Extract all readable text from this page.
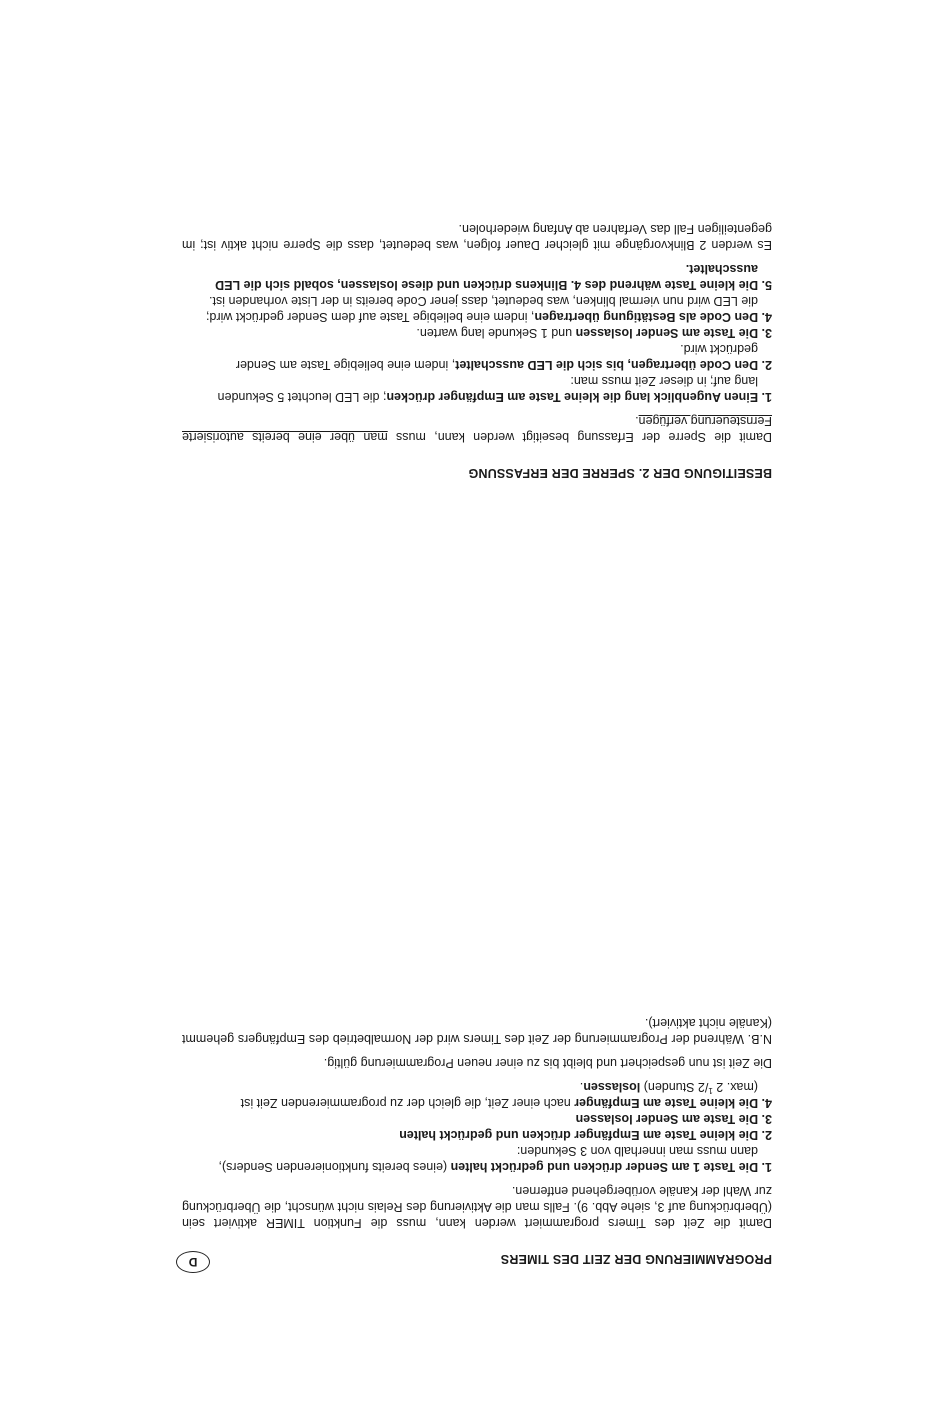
PROGRAMMIERUNG DER ZEIT DES TIMERS
D

Damit die Zeit des Timers programmiert werden kann, muss die Funktion TIMER aktiviert sein (Überbrückung auf 3, siehe Abb. 9). Falls man die Aktivierung des Relais nicht wünscht, die Überbrückung zur Wahl der Kanäle vorübergehend entfernen.

1. Die Taste 1 am Sender drücken und gedrückt halten (eines bereits funktionierenden Senders),
dann muss man innerhalb von 3 Sekunden:
2. Die kleine Taste am Empfänger drücken und gedrückt halten
3. Die Taste am Sender loslassen
4. Die kleine Taste am Empfänger nach einer Zeit, die gleich der zu programmierenden Zeit ist
(max. 2 $^1$/2 Stunden) loslassen.

Die Zeit ist nun gespeichert und bleibt bis zu einer neuen Programmierung gültig.

N.B. Während der Programmierung der Zeit des Timers wird der Normalbetrieb des Empfängers gehemmt (Kanäle nicht aktiviert).

BESEITIGUNG DER 2. SPERRE DER ERFASSUNG

Damit die Sperre der Erfassung beseitigt werden kann, muss man über eine bereits autorisierte Fernsteuerung verfügen.

1. Einen Augenblick lang die kleine Taste am Empfänger drücken; die LED leuchtet 5 Sekunden
lang auf; in dieser Zeit muss man:
2. Den Code übertragen, bis sich die LED ausschaltet, indem eine beliebige Taste am Sender
gedrückt wird.
3. Die Taste am Sender loslassen und 1 Sekunde lang warten.
4. Den Code als Bestätigung übertragen, indem eine beliebige Taste auf dem Sender gedrückt wird;
die LED wird nun viermal blinken, was bedeutet, dass jener Code bereits in der Liste vorhanden ist.
5. Die kleine Taste während des 4. Blinkens drücken und diese loslassen, sobald sich die LED
ausschaltet.

Es werden 2 Blinkvorgänge mit gleicher Dauer folgen, was bedeutet, dass die Sperre nicht aktiv ist; im gegenteiligen Fall das Verfahren ab Anfang wiederholen.
